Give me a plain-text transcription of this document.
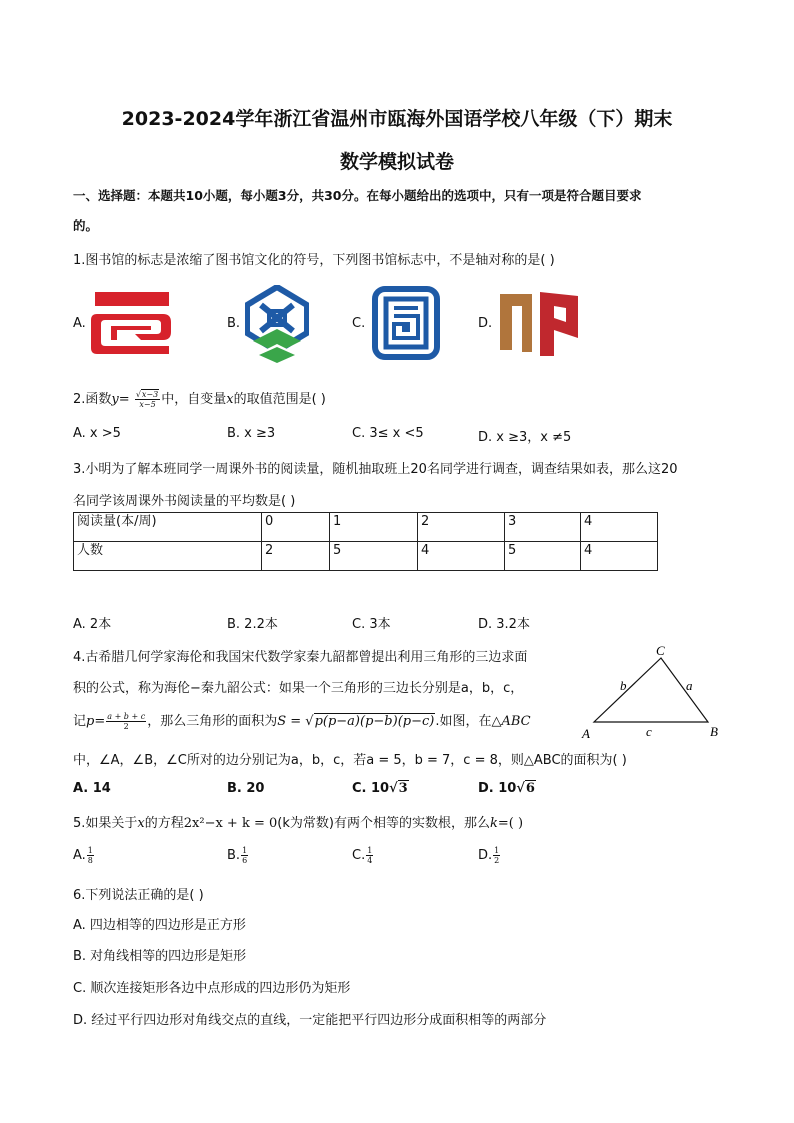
2023-2024学年浙江省温州市瓯海外国语学校八年级（下）期末
数学模拟试卷
一、选择题：本题共10小题，每小题3分，共30分。在每小题给出的选项中，只有一项是符合题目要求
的。
1.图书馆的标志是浓缩了图书馆文化的符号，下列图书馆标志中，不是轴对称的是( )
A.	B.	C.	D.
2.函数$y= \frac{√x-3}{x-5}$ 中，自变量x的取值范围是( )
A. x >5	B. x ≥3	C. 3≤ x <5	D. x ≥3，x ≠5
3.小明为了解本班同学一周课外书的阅读量，随机抽取班上20名同学进行调查，调查结果如表，那么这20
名同学该周课外书阅读量的平均数是( )
阅读量(本/周)	0	1	2	3	4
人数	2	5	4	5	4
A. 2本	B. 2.2本	C. 3本	D. 3.2本
4.古希腊几何学家海伦和我国宋代数学家秦九韶都曾提出利用三角形的三边求面
积的公式，称为海伦−秦九韶公式：如果一个三角形的三边长分别是a，b，c，
记$p= \frac{a + b + c}{2}$ ，那么三角形的面积为S = √p(p−a)(p−b)(p−c).如图，在△ABC
中，∠A，∠B，∠C所对的边分别记为a，b，c，若a = 5，b = 7，c = 8，则△ABC的面积为( )
A	B
C
a
b
c
A. 14	B. 20	C. 10√3	D. 10√6
5.如果关于x的方程2x²−x + k = 0(k为常数)有两个相等的实数根，那么k=( )
A. $\frac{1}{8}$	B. $\frac{1}{6}$	C. $\frac{1}{4}$	D. $\frac{1}{2}$
6.下列说法正确的是( )
A. 四边相等的四边形是正方形
B. 对角线相等的四边形是矩形
C. 顺次连接矩形各边中点形成的四边形仍为矩形
D. 经过平行四边形对角线交点的直线，一定能把平行四边形分成面积相等的两部分
